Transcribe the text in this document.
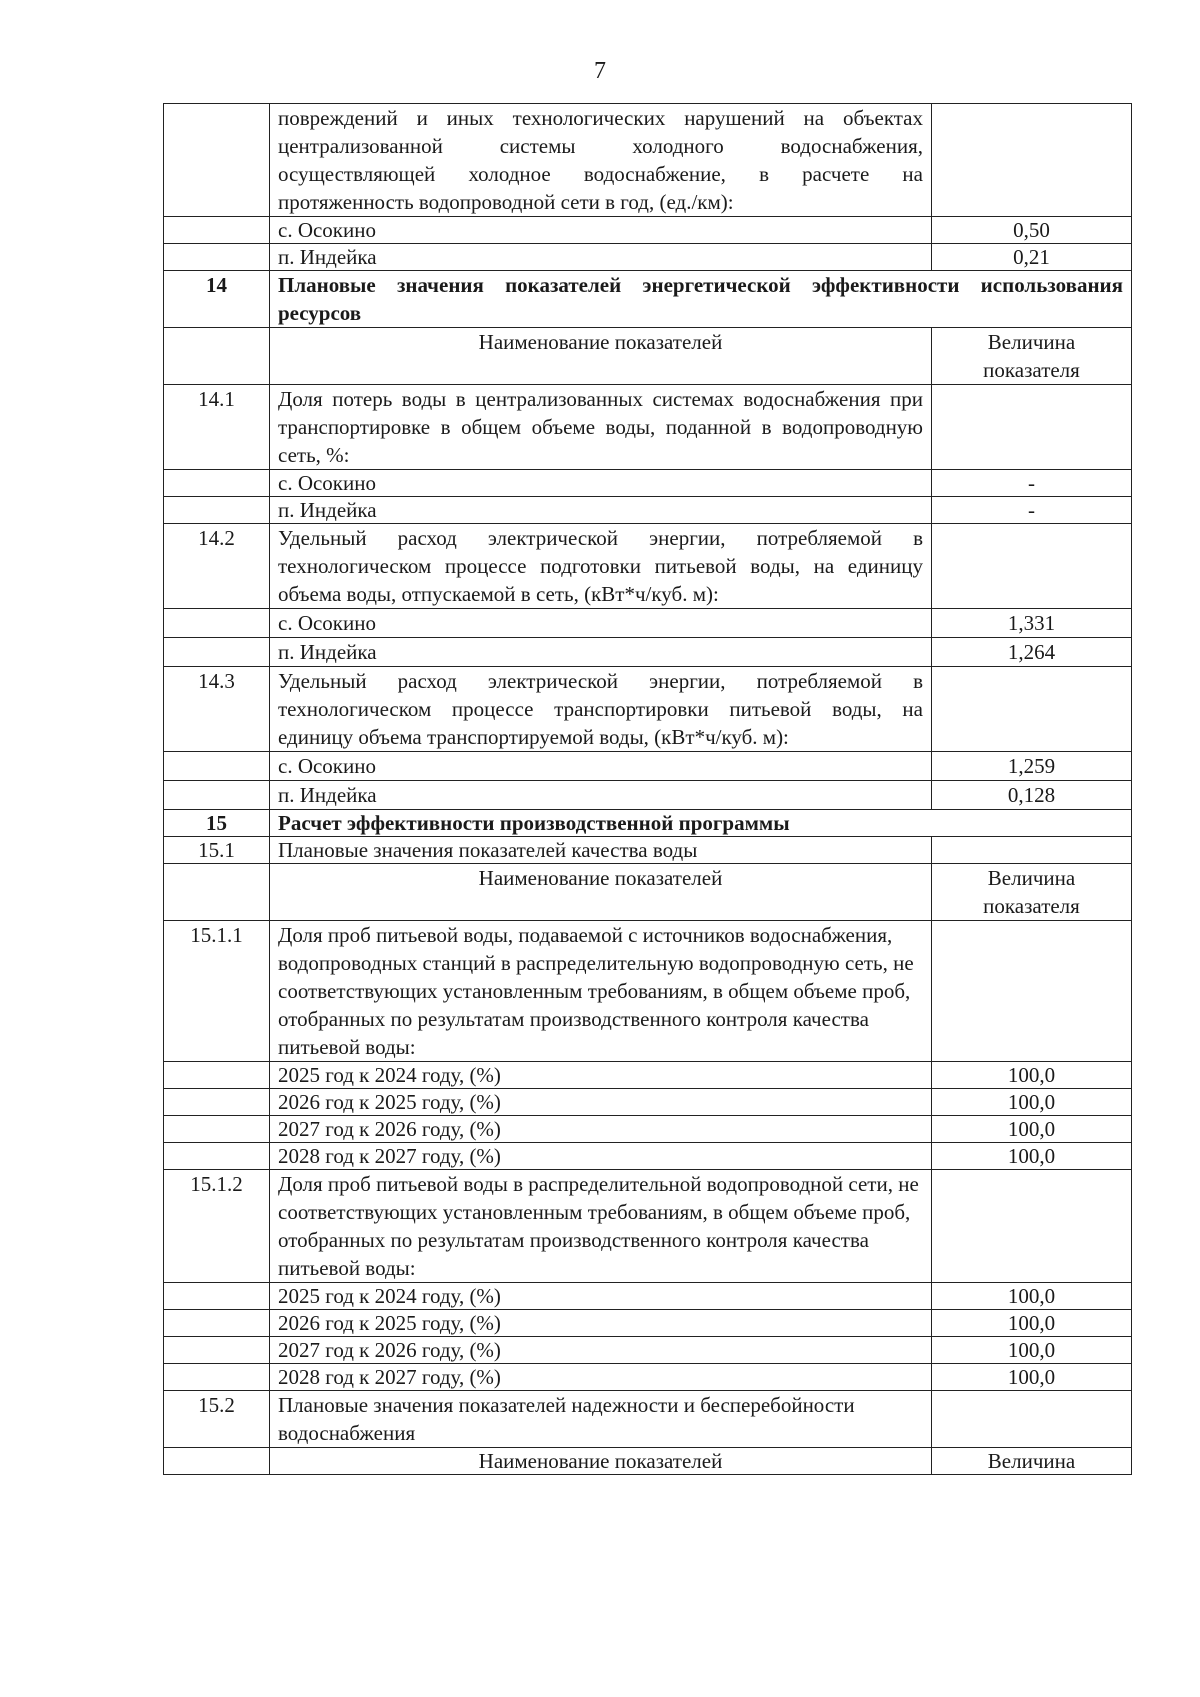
7
	повреждений и иных технологических нарушений на объектах централизованной системы холодного водоснабжения, осуществляющей холодное водоснабжение, в расчете на протяженность водопроводной сети в год, (ед./км):	
	с. Осокино	0,50
	п. Индейка	0,21
14	Плановые значения показателей энергетической эффективности использования ресурсов	
	Наименование показателей	Величина показателя
14.1	Доля потерь воды в централизованных системах водоснабжения при транспортировке в общем объеме воды, поданной в водопроводную сеть, %:	
	с. Осокино	-
	п. Индейка	-
14.2	Удельный расход электрической энергии, потребляемой в технологическом процессе подготовки питьевой воды, на единицу объема воды, отпускаемой в сеть, (кВт*ч/куб. м):	
	с. Осокино	1,331
	п. Индейка	1,264
14.3	Удельный расход электрической энергии, потребляемой в технологическом процессе транспортировки питьевой воды, на единицу объема транспортируемой воды, (кВт*ч/куб. м):	
	с. Осокино	1,259
	п. Индейка	0,128
15	Расчет эффективности производственной программы	
15.1	Плановые значения показателей качества воды	
	Наименование показателей	Величина показателя
15.1.1	Доля проб питьевой воды, подаваемой с источников водоснабжения, водопроводных станций в распределительную водопроводную сеть, не соответствующих установленным требованиям, в общем объеме проб, отобранных по результатам производственного контроля качества питьевой воды:	
	2025 год к 2024 году, (%)	100,0
	2026 год к 2025 году, (%)	100,0
	2027 год к 2026 году, (%)	100,0
	2028 год к 2027 году, (%)	100,0
15.1.2	Доля проб питьевой воды в распределительной водопроводной сети, не соответствующих установленным требованиям, в общем объеме проб, отобранных по результатам производственного контроля качества питьевой воды:	
	2025 год к 2024 году, (%)	100,0
	2026 год к 2025 году, (%)	100,0
	2027 год к 2026 году, (%)	100,0
	2028 год к 2027 году, (%)	100,0
15.2	Плановые значения показателей надежности и бесперебойности водоснабжения	
	Наименование показателей	Величина
